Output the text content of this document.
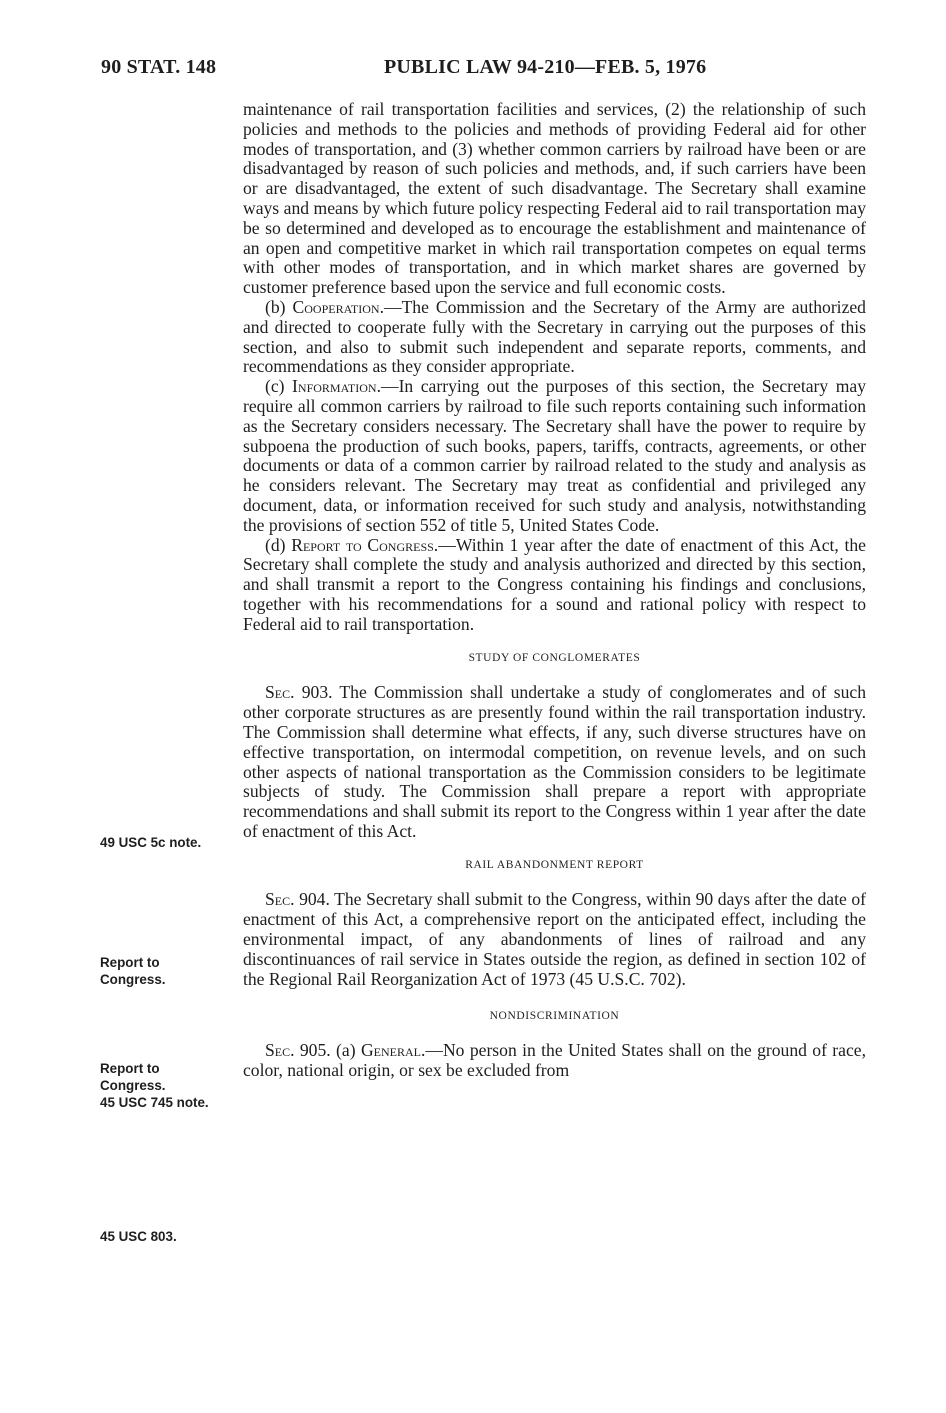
90 STAT. 148	PUBLIC LAW 94-210—FEB. 5, 1976

maintenance of rail transportation facilities and services, (2) the relationship of such policies and methods to the policies and methods of providing Federal aid for other modes of transportation, and (3) whether common carriers by railroad have been or are disadvantaged by reason of such policies and methods, and, if such carriers have been or are disadvantaged, the extent of such disadvantage. The Secretary shall examine ways and means by which future policy respecting Federal aid to rail transportation may be so determined and developed as to encourage the establishment and maintenance of an open and competitive market in which rail transportation competes on equal terms with other modes of transportation, and in which market shares are governed by customer preference based upon the service and full economic costs.

(b) Cooperation.—The Commission and the Secretary of the Army are authorized and directed to cooperate fully with the Secretary in carrying out the purposes of this section, and also to submit such independent and separate reports, comments, and recommendations as they consider appropriate.

(c) Information.—In carrying out the purposes of this section, the Secretary may require all common carriers by railroad to file such reports containing such information as the Secretary considers necessary. The Secretary shall have the power to require by subpoena the production of such books, papers, tariffs, contracts, agreements, or other documents or data of a common carrier by railroad related to the study and analysis as he considers relevant. The Secretary may treat as confidential and privileged any document, data, or information received for such study and analysis, notwithstanding the provisions of section 552 of title 5, United States Code.

(d) Report to Congress.—Within 1 year after the date of enactment of this Act, the Secretary shall complete the study and analysis authorized and directed by this section, and shall transmit a report to the Congress containing his findings and conclusions, together with his recommendations for a sound and rational policy with respect to Federal aid to rail transportation.

STUDY OF CONGLOMERATES

Sec. 903. The Commission shall undertake a study of conglomerates and of such other corporate structures as are presently found within the rail transportation industry. The Commission shall determine what effects, if any, such diverse structures have on effective transportation, on intermodal competition, on revenue levels, and on such other aspects of national transportation as the Commission considers to be legitimate subjects of study. The Commission shall prepare a report with appropriate recommendations and shall submit its report to the Congress within 1 year after the date of enactment of this Act.

RAIL ABANDONMENT REPORT

Sec. 904. The Secretary shall submit to the Congress, within 90 days after the date of enactment of this Act, a comprehensive report on the anticipated effect, including the environmental impact, of any abandonments of lines of railroad and any discontinuances of rail service in States outside the region, as defined in section 102 of the Regional Rail Reorganization Act of 1973 (45 U.S.C. 702).

NONDISCRIMINATION

Sec. 905. (a) General.—No person in the United States shall on the ground of race, color, national origin, or sex be excluded from

49 USC 5c note.
Report to
Congress.
Report to
Congress.
45 USC 745 note.
45 USC 803.
